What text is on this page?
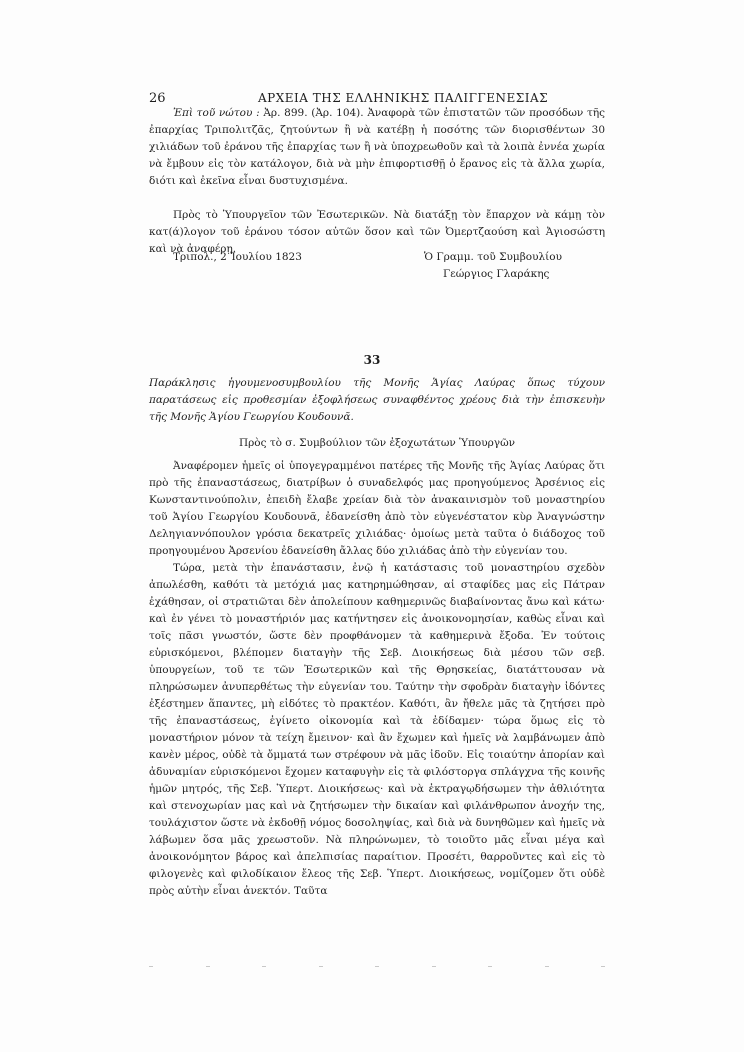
26	ΑΡΧΕΙΑ ΤΗΣ ΕΛΛΗΝΙΚΗΣ ΠΑΛΙΓΓΕΝΕΣΙΑΣ

Ἐπὶ τοῦ νώτου : Ἀρ. 899. (Ἀρ. 104). Ἀναφορὰ τῶν ἐπιστατῶν τῶν προσόδων τῆς ἐπαρχίας Τριπολιτζᾶς, ζητούντων ἢ νὰ κατέβῃ ἡ ποσότης τῶν διορισθέντων 30 χιλιάδων τοῦ ἐράνου τῆς ἐπαρχίας των ἢ νὰ ὑποχρεωθοῦν καὶ τὰ λοιπὰ ἐννέα χωρία νὰ ἔμβουν εἰς τὸν κατάλογον, διὰ νὰ μὴν ἐπιφορτισθῇ ὁ ἔρανος εἰς τὰ ἄλλα χωρία, διότι καὶ ἐκεῖνα εἶναι δυστυχισμένα.

Πρὸς τὸ Ὑπουργεῖον τῶν Ἐσωτερικῶν. Νὰ διατάξῃ τὸν ἔπαρχον νὰ κάμῃ τὸν κατ(ά)λογον τοῦ ἐράνου τόσον αὐτῶν ὅσον καὶ τῶν Ὀμερτζαούση καὶ Ἀγιοσώστη καὶ νὰ ἀναφέρῃ.

Τριπολ., 2 Ἰουλίου 1823	Ὁ Γραμμ. τοῦ Συμβουλίου
Γεώργιος Γλαράκης
33
Παράκλησις ἡγουμενοσυμβουλίου τῆς Μονῆς Ἁγίας Λαύρας ὅπως τύχουν παρατάσεως εἰς προθεσμίαν ἐξοφλήσεως συναφθέντος χρέους διὰ τὴν ἐπισκευὴν τῆς Μονῆς Ἁγίου Γεωργίου Κουδουνᾶ.
Πρὸς τὸ σ. Συμβούλιον τῶν ἐξοχωτάτων Ὑπουργῶν

Ἀναφέρομεν ἡμεῖς οἱ ὑπογεγραμμένοι πατέρες τῆς Μονῆς τῆς Ἁγίας Λαύρας ὅτι πρὸ τῆς ἐπαναστάσεως, διατρίβων ὁ συναδελφός μας προηγούμενος Ἀρσένιος εἰς Κωνσταντινούπολιν, ἐπειδὴ ἔλαβε χρείαν διὰ τὸν ἀνακαινισμὸν τοῦ μοναστηρίου τοῦ Ἁγίου Γεωργίου Κουδουνᾶ, ἐδανείσθη ἀπὸ τὸν εὐγενέστατον κὺρ Ἀναγνώστην Δεληγιαννόπουλον γρόσια δεκατρεῖς χιλιάδας· ὁμοίως μετὰ ταῦτα ὁ διάδοχος τοῦ προηγουμένου Ἀρσενίου ἐδανείσθη ἄλλας δύο χιλιάδας ἀπὸ τὴν εὐγενίαν του.

Τώρα, μετὰ τὴν ἐπανάστασιν, ἐνῷ ἡ κατάστασις τοῦ μοναστηρίου σχεδὸν ἀπωλέσθη, καθότι τὰ μετόχιά μας κατηρημώθησαν, αἱ σταφίδες μας εἰς Πάτραν ἐχάθησαν, οἱ στρατιῶται δὲν ἀπολείπουν καθημερινῶς διαβαίνοντας ἄνω καὶ κάτω· καὶ ἐν γένει τὸ μοναστήριόν μας κατήντησεν εἰς ἀνοικονομησίαν, καθὼς εἶναι καὶ τοῖς πᾶσι γνωστόν, ὥστε δὲν προφθάνομεν τὰ καθημερινὰ ἔξοδα. Ἐν τούτοις εὑρισκόμενοι, βλέπομεν διαταγὴν τῆς Σεβ. Διοικήσεως διὰ μέσου τῶν σεβ. ὑπουργείων, τοῦ τε τῶν Ἐσωτερικῶν καὶ τῆς Θρησκείας, διατάττουσαν νὰ πληρώσωμεν ἀνυπερθέτως τὴν εὐγενίαν του. Ταύτην τὴν σφοδρὰν διαταγὴν ἰδόντες ἐξέστημεν ἅπαντες, μὴ εἰδότες τὸ πρακτέον. Καθότι, ἂν ἤθελε μᾶς τὰ ζητήσει πρὸ τῆς ἐπαναστάσεως, ἐγίνετο οἰκονομία καὶ τὰ ἐδίδαμεν· τώρα ὅμως εἰς τὸ μοναστήριον μόνον τὰ τείχη ἔμεινον· καὶ ἂν ἔχωμεν καὶ ἡμεῖς νὰ λαμβάνωμεν ἀπὸ κανὲν μέρος, οὐδὲ τὰ ὄμματά των στρέφουν νὰ μᾶς ἰδοῦν. Εἰς τοιαύτην ἀπορίαν καὶ ἀδυναμίαν εὑρισκόμενοι ἔχομεν καταφυγὴν εἰς τὰ φιλόστοργα σπλάγχνα τῆς κοινῆς ἡμῶν μητρός, τῆς Σεβ. Ὑπερτ. Διοικήσεως· καὶ νὰ ἐκτραγῳδήσωμεν τὴν ἀθλιότητα καὶ στενοχωρίαν μας καὶ νὰ ζητήσωμεν τὴν δικαίαν καὶ φιλάνθρωπον ἀνοχήν της, τουλάχιστον ὥστε νὰ ἐκδοθῇ νόμος δοσοληψίας, καὶ διὰ νὰ δυνηθῶμεν καὶ ἡμεῖς νὰ λάβωμεν ὅσα μᾶς χρεωστοῦν. Νὰ πληρώνωμεν, τὸ τοιοῦτο μᾶς εἶναι μέγα καὶ ἀνοικονόμητον βάρος καὶ ἀπελπισίας παραίτιον. Προσέτι, θαρροῦντες καὶ εἰς τὸ φιλογενὲς καὶ φιλοδίκαιον ἔλεος τῆς Σεβ. Ὑπερτ. Διοικήσεως, νομίζομεν ὅτι οὐδὲ πρὸς αὐτὴν εἶναι ἀνεκτόν. Ταῦτα
